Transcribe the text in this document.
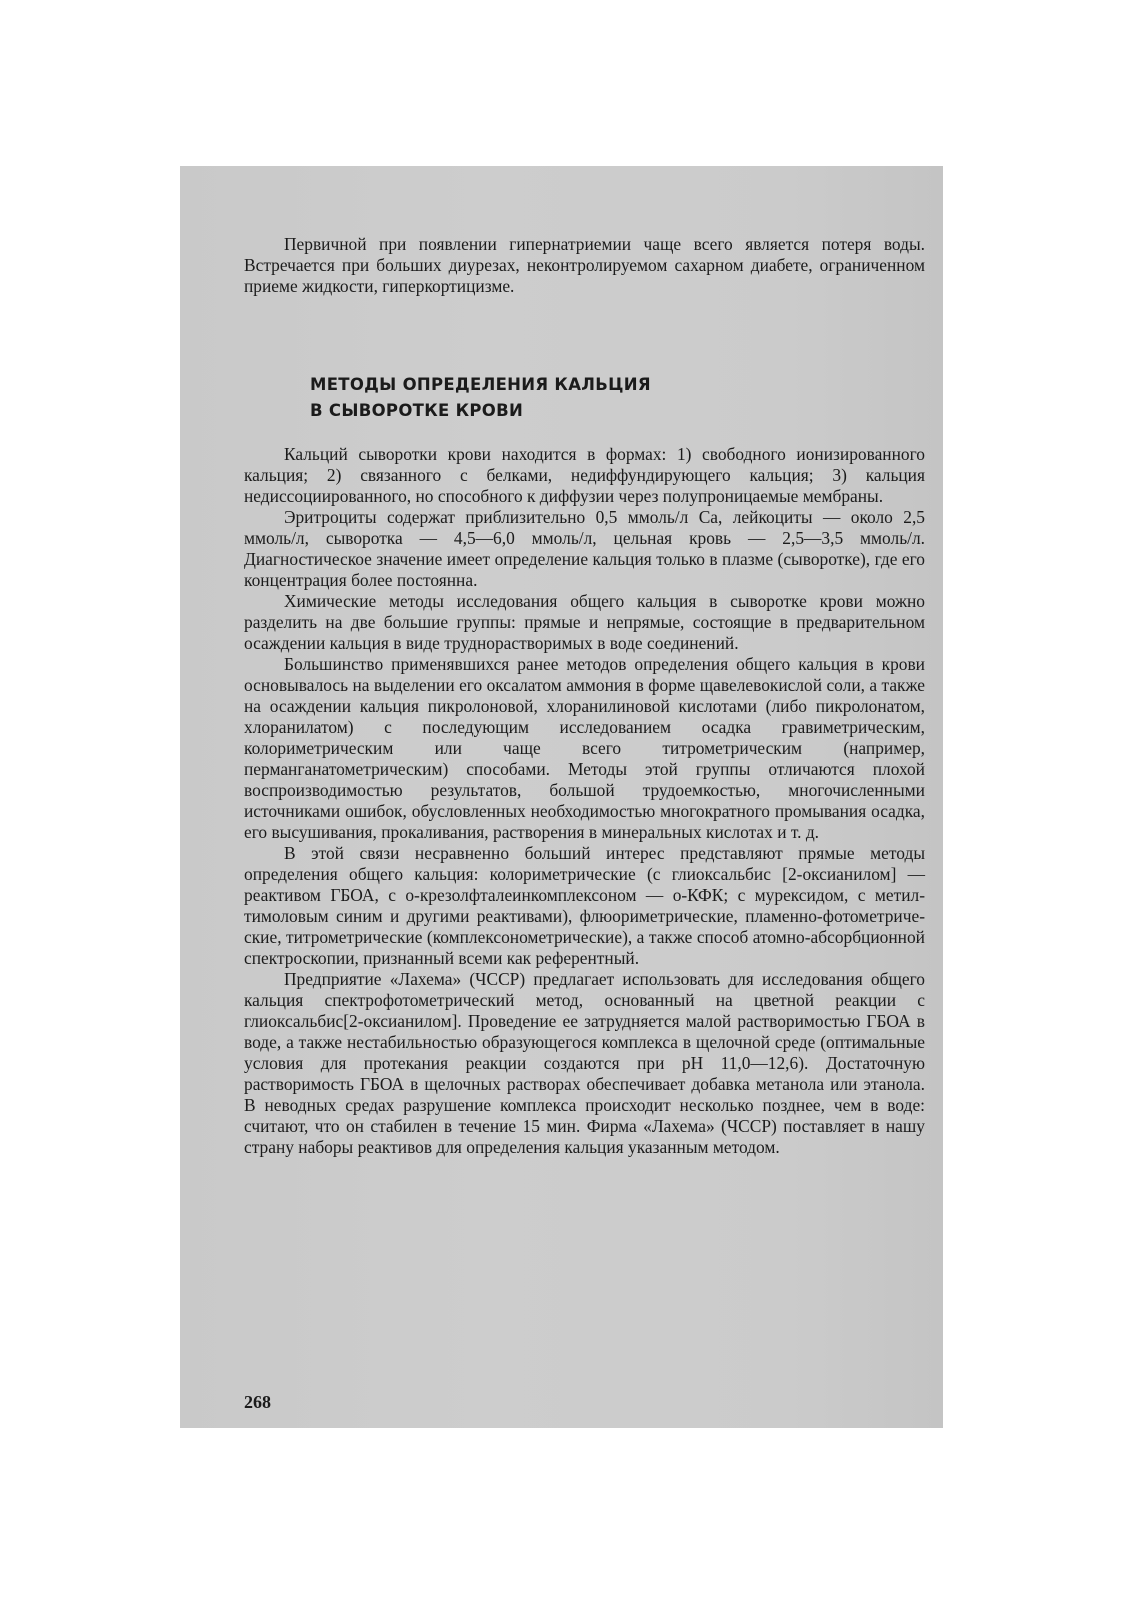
Первичной при появлении гипернатриемии чаще всего является потеря воды. Встречается при больших диурезах, неконтролируемом сахарном диабете, ограниченном приеме жидкости, гиперкортицизме.

МЕТОДЫ ОПРЕДЕЛЕНИЯ КАЛЬЦИЯ
В СЫВОРОТКЕ КРОВИ

Кальций сыворотки крови находится в формах: 1) свободного ионизированного кальция; 2) связанного с белками, недиффундирующего кальция; 3) кальция недиссоциированного, но способного к диффузии через полупроницаемые мембраны.

Эритроциты содержат приблизительно 0,5 ммоль/л Са, лейкоциты — около 2,5 ммоль/л, сыворотка — 4,5—6,0 ммоль/л, цельная кровь — 2,5—3,5 ммоль/л. Диагностическое значение имеет определение кальция только в плазме (сыворотке), где его концентрация более постоянна.

Химические методы исследования общего кальция в сыворотке крови можно разделить на две большие группы: прямые и непрямые, состоящие в предварительном осаждении кальция в виде труднорастворимых в воде соединений.

Большинство применявшихся ранее методов определения общего кальция в крови основывалось на выделении его оксалатом аммония в форме щавелевокислой соли, а также на осаждении кальция пикролоновой, хлоранилиновой кислотами (либо пикролонатом, хлоранилатом) с последующим исследованием осадка гравиметрическим, колориметрическим или чаще всего титрометрическим (например, перманганатометрическим) способами. Методы этой группы отличаются плохой воспроизводимостью результатов, большой трудоемкостью, многочисленными источниками ошибок, обусловленных необходимостью многократного промывания осадка, его высушивания, прокаливания, растворения в минеральных кислотах и т. д.

В этой связи несравненно больший интерес представляют прямые методы определения общего кальция: колориметрические (с глиоксальбис [2-оксианилом] — реактивом ГБОА, с о-крезолфталеинкомплексоном — о-КФК; с мурексидом, с метил-тимоловым синим и другими реактивами), флюориметрические, пламенно-фотометрические, титрометрические (комплексонометрические), а также способ атомно-абсорбционной спектроскопии, признанный всеми как референтный.

Предприятие «Лахема» (ЧССР) предлагает использовать для исследования общего кальция спектрофотометрический метод, основанный на цветной реакции с глиоксальбис[2-оксианилом]. Проведение ее затрудняется малой растворимостью ГБОА в воде, а также нестабильностью образующегося комплекса в щелочной среде (оптимальные условия для протекания реакции создаются при pH 11,0—12,6). Достаточную растворимость ГБОА в щелочных растворах обеспечивает добавка метанола или этанола. В неводных средах разрушение комплекса происходит несколько позднее, чем в воде: считают, что он стабилен в течение 15 мин. Фирма «Лахема» (ЧССР) поставляет в нашу страну наборы реактивов для определения кальция указанным методом.

268
